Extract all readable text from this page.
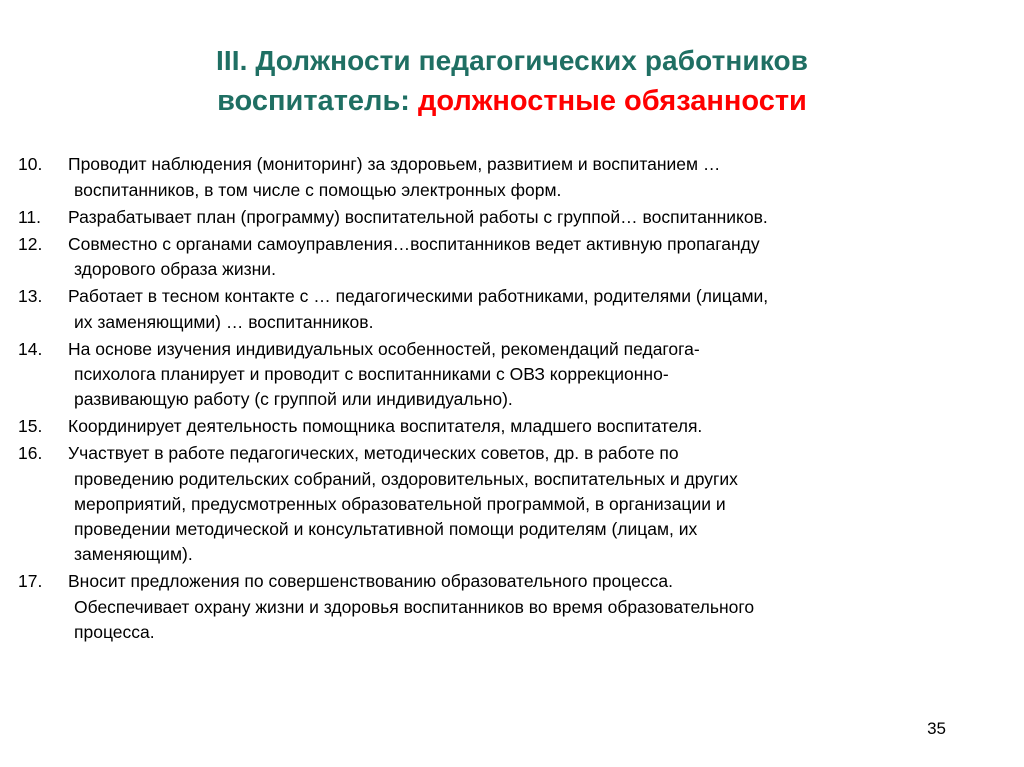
III. Должности педагогических работников
воспитатель: должностные обязанности
10.	Проводит наблюдения (мониторинг) за здоровьем, развитием и воспитанием …
воспитанников, в том числе с помощью электронных форм.
11.	Разрабатывает план (программу) воспитательной работы с группой… воспитанников.
12.	Совместно с органами самоуправления…воспитанников ведет активную пропаганду
здорового образа жизни.
13.	Работает в тесном контакте с … педагогическими работниками, родителями (лицами,
их заменяющими) … воспитанников.
14.	На основе изучения индивидуальных особенностей, рекомендаций педагога-
психолога планирует и проводит с воспитанниками с ОВЗ коррекционно-
развивающую работу (с группой или индивидуально).
15.	Координирует деятельность помощника воспитателя, младшего воспитателя.
16.	Участвует в работе педагогических, методических советов, др. в работе по
проведению родительских собраний, оздоровительных, воспитательных и других
мероприятий, предусмотренных образовательной программой, в организации и
проведении методической и консультативной помощи родителям (лицам, их
заменяющим).
17.	Вносит предложения по совершенствованию образовательного процесса.
Обеспечивает охрану жизни и здоровья воспитанников во время образовательного
процесса.
35
